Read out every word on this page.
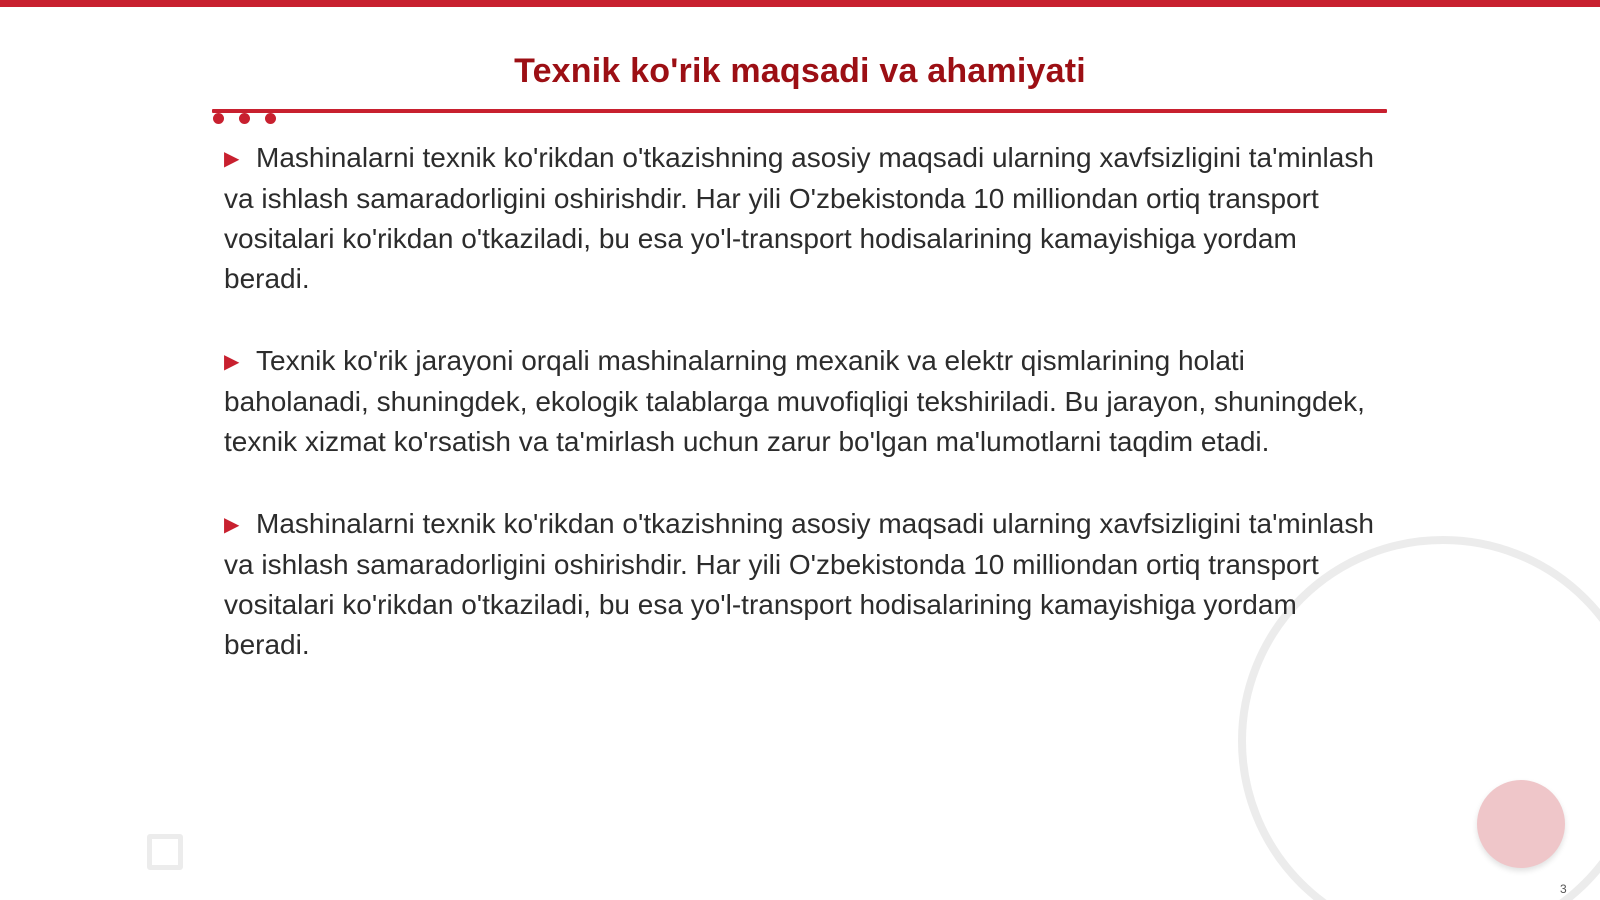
Texnik ko'rik maqsadi va ahamiyati

▶ Mashinalarni texnik ko'rikdan o'tkazishning asosiy maqsadi ularning xavfsizligini ta'minlash va ishlash samaradorligini oshirishdir. Har yili O'zbekistonda 10 milliondan ortiq transport vositalari ko'rikdan o'tkaziladi, bu esa yo'l-transport hodisalarining kamayishiga yordam beradi.

▶ Texnik ko'rik jarayoni orqali mashinalarning mexanik va elektr qismlarining holati baholanadi, shuningdek, ekologik talablarga muvofiqligi tekshiriladi. Bu jarayon, shuningdek, texnik xizmat ko'rsatish va ta'mirlash uchun zarur bo'lgan ma'lumotlarni taqdim etadi.

▶ Mashinalarni texnik ko'rikdan o'tkazishning asosiy maqsadi ularning xavfsizligini ta'minlash va ishlash samaradorligini oshirishdir. Har yili O'zbekistonda 10 milliondan ortiq transport vositalari ko'rikdan o'tkaziladi, bu esa yo'l-transport hodisalarining kamayishiga yordam beradi.

3
